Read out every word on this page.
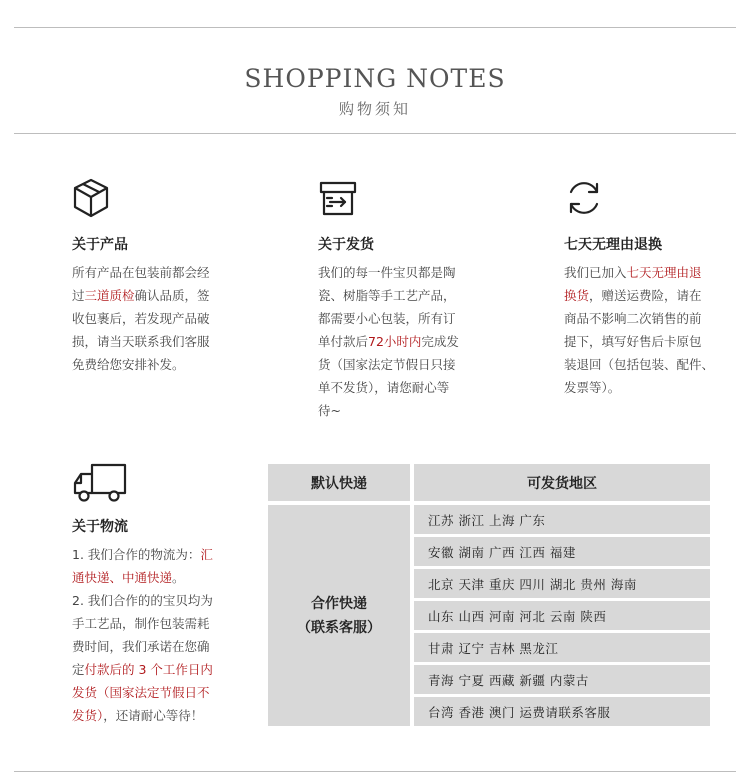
SHOPPING NOTES
购物须知
关于产品
所有产品在包装前都会经
过三道质检确认品质，签
收包裹后，若发现产品破
损，请当天联系我们客服
免费给您安排补发。
关于发货
我们的每一件宝贝都是陶
瓷、树脂等手工艺产品，
都需要小心包装，所有订
单付款后72小时内完成发
货（国家法定节假日只接
单不发货），请您耐心等
待~
七天无理由退换
我们已加入七天无理由退
换货，赠送运费险，请在
商品不影响二次销售的前
提下，填写好售后卡原包
装退回（包括包装、配件、
发票等）。
关于物流
1. 我们合作的物流为：汇
通快递、中通快递。
2. 我们合作的的宝贝均为
手工艺品，制作包装需耗
费时间，我们承诺在您确
定付款后的 3 个工作日内
发货（国家法定节假日不
发货），还请耐心等待！
默认快递	可发货地区
合作快递
（联系客服）
江苏 浙江 上海 广东
安徽 湖南 广西 江西 福建
北京 天津 重庆 四川 湖北 贵州 海南
山东 山西 河南 河北 云南 陕西
甘肃 辽宁 吉林 黑龙江
青海 宁夏 西藏 新疆 内蒙古
台湾 香港 澳门 运费请联系客服
